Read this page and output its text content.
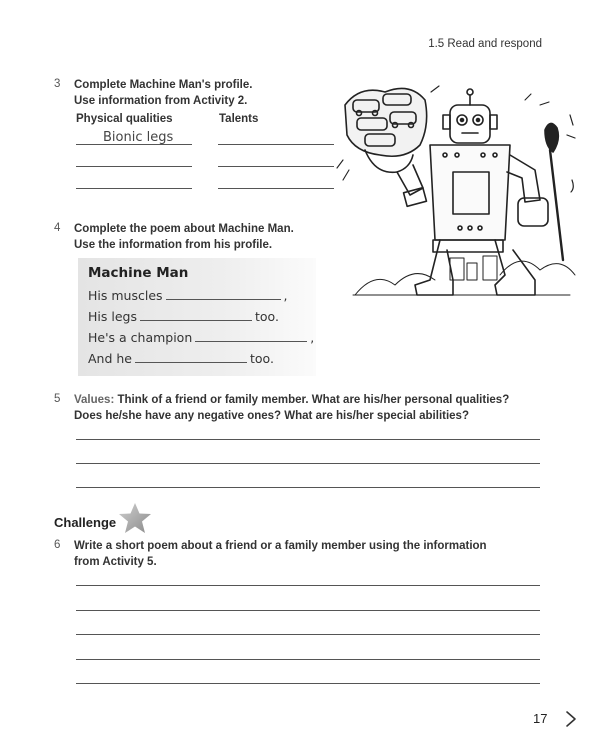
1.5 Read and respond
3 Complete Machine Man's profile.
Use information from Activity 2.
Physical qualities	Talents
Bionic legs
4 Complete the poem about Machine Man.
Use the information from his profile.
Machine Man
His muscles	,
His legs	too.
He's a champion	,
And he	too.
5 Values: Think of a friend or family member. What are his/her personal qualities?
Does he/she have any negative ones? What are his/her special abilities?
Challenge
6 Write a short poem about a friend or a family member using the information
from Activity 5.
17
